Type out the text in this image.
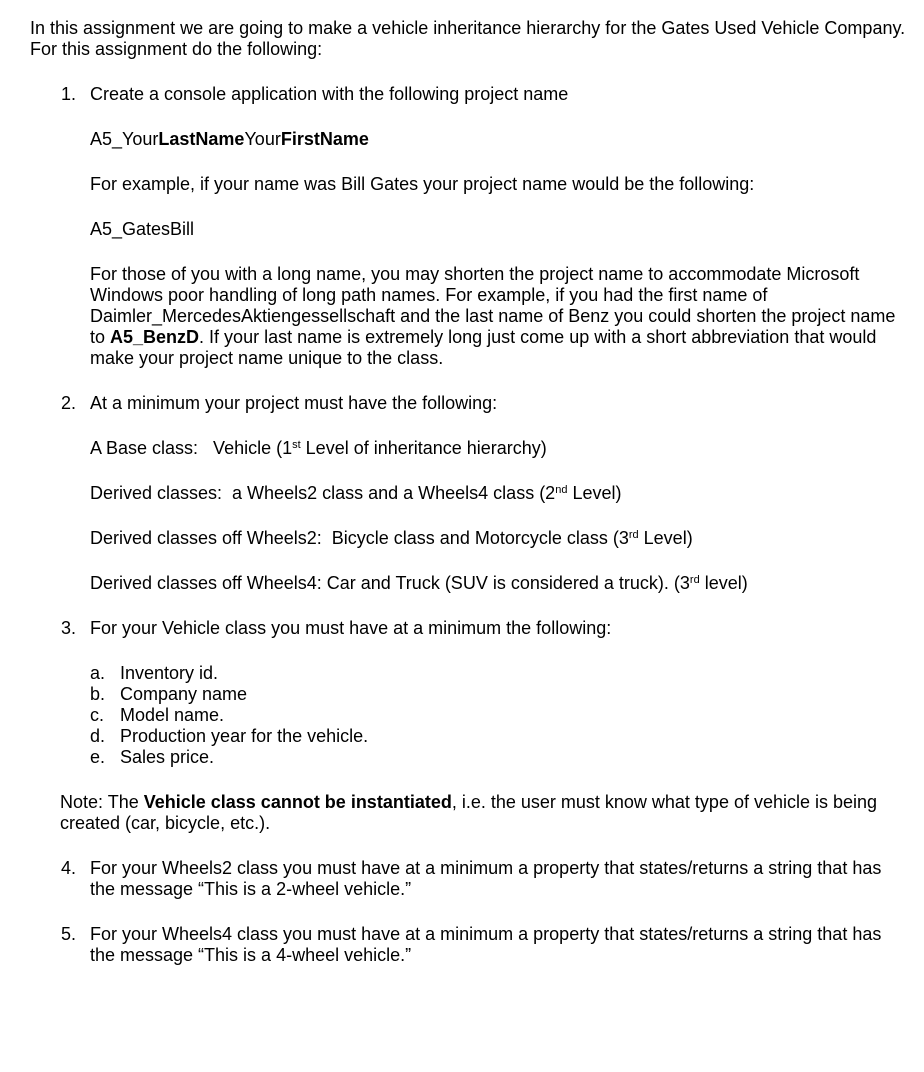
In this assignment we are going to make a vehicle inheritance hierarchy for the Gates Used Vehicle Company. For this assignment do the following:

1. Create a console application with the following project name

A5_YourLastNameYourFirstName

For example, if your name was Bill Gates your project name would be the following:

A5_GatesBill

For those of you with a long name, you may shorten the project name to accommodate Microsoft Windows poor handling of long path names. For example, if you had the first name of Daimler_MercedesAktiengessellschaft and the last name of Benz you could shorten the project name to A5_BenzD. If your last name is extremely long just come up with a short abbreviation that would make your project name unique to the class.

2. At a minimum your project must have the following:

A Base class:   Vehicle (1st Level of inheritance hierarchy)

Derived classes:  a Wheels2 class and a Wheels4 class (2nd Level)

Derived classes off Wheels2:  Bicycle class and Motorcycle class (3rd Level)

Derived classes off Wheels4: Car and Truck (SUV is considered a truck). (3rd level)

3. For your Vehicle class you must have at a minimum the following:

a. Inventory id.
b. Company name
c. Model name.
d. Production year for the vehicle.
e. Sales price.

Note: The Vehicle class cannot be instantiated, i.e. the user must know what type of vehicle is being created (car, bicycle, etc.).

4. For your Wheels2 class you must have at a minimum a property that states/returns a string that has the message “This is a 2-wheel vehicle.”

5. For your Wheels4 class you must have at a minimum a property that states/returns a string that has the message “This is a 4-wheel vehicle.”
